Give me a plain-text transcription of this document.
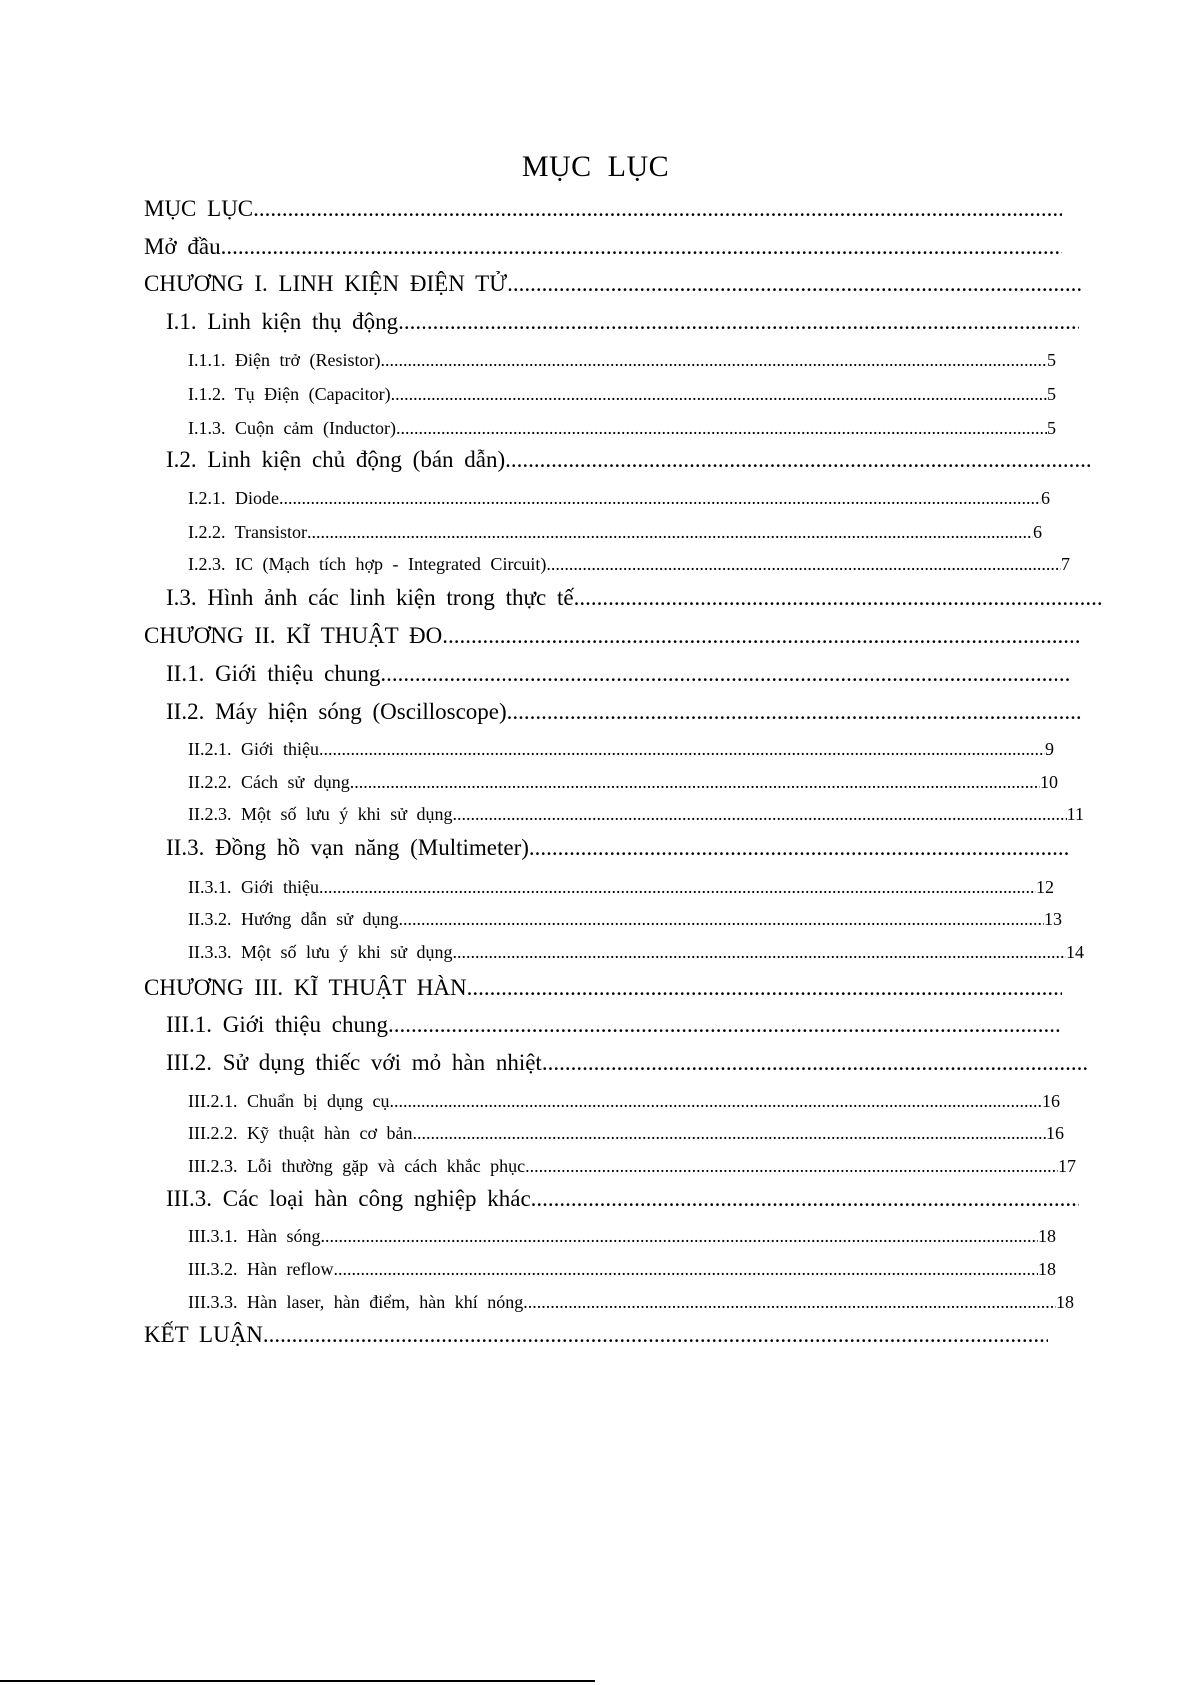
MỤC LỤC
MỤC LỤC
.....
Mở đầu
.....
CHƯƠNG I. LINH KIỆN ĐIỆN TỬ
.....
I.1. Linh kiện thụ động
.....
I.1.1. Điện trở (Resistor) .....	5
I.1.2. Tụ Điện (Capacitor) .....	5
I.1.3. Cuộn cảm (Inductor) .....	5
I.2. Linh kiện chủ động (bán dẫn)
.....
I.2.1. Diode .....	6
I.2.2. Transistor .....	6
I.2.3. IC (Mạch tích hợp - Integrated Circuit) .....	7
I.3. Hình ảnh các linh kiện trong thực tế
.....
CHƯƠNG II. KĨ THUẬT ĐO
.....
II.1. Giới thiệu chung
.....
II.2. Máy hiện sóng (Oscilloscope)
.....
II.2.1. Giới thiệu .....	9
II.2.2. Cách sử dụng .....	10
II.2.3. Một số lưu ý khi sử dụng .....	11
II.3. Đồng hồ vạn năng (Multimeter)
.....
II.3.1. Giới thiệu .....	12
II.3.2. Hướng dẫn sử dụng .....	13
II.3.3. Một số lưu ý khi sử dụng .....	14
CHƯƠNG III. KĨ THUẬT HÀN
.....
III.1. Giới thiệu chung
.....
III.2. Sử dụng thiếc với mỏ hàn nhiệt
.....
III.2.1. Chuẩn bị dụng cụ .....	16
III.2.2. Kỹ thuật hàn cơ bản .....	16
III.2.3. Lỗi thường gặp và cách khắc phục .....	17
III.3. Các loại hàn công nghiệp khác
.....
III.3.1. Hàn sóng .....	18
III.3.2. Hàn reflow .....	18
III.3.3. Hàn laser, hàn điểm, hàn khí nóng .....	18
KẾT LUẬN
.....
